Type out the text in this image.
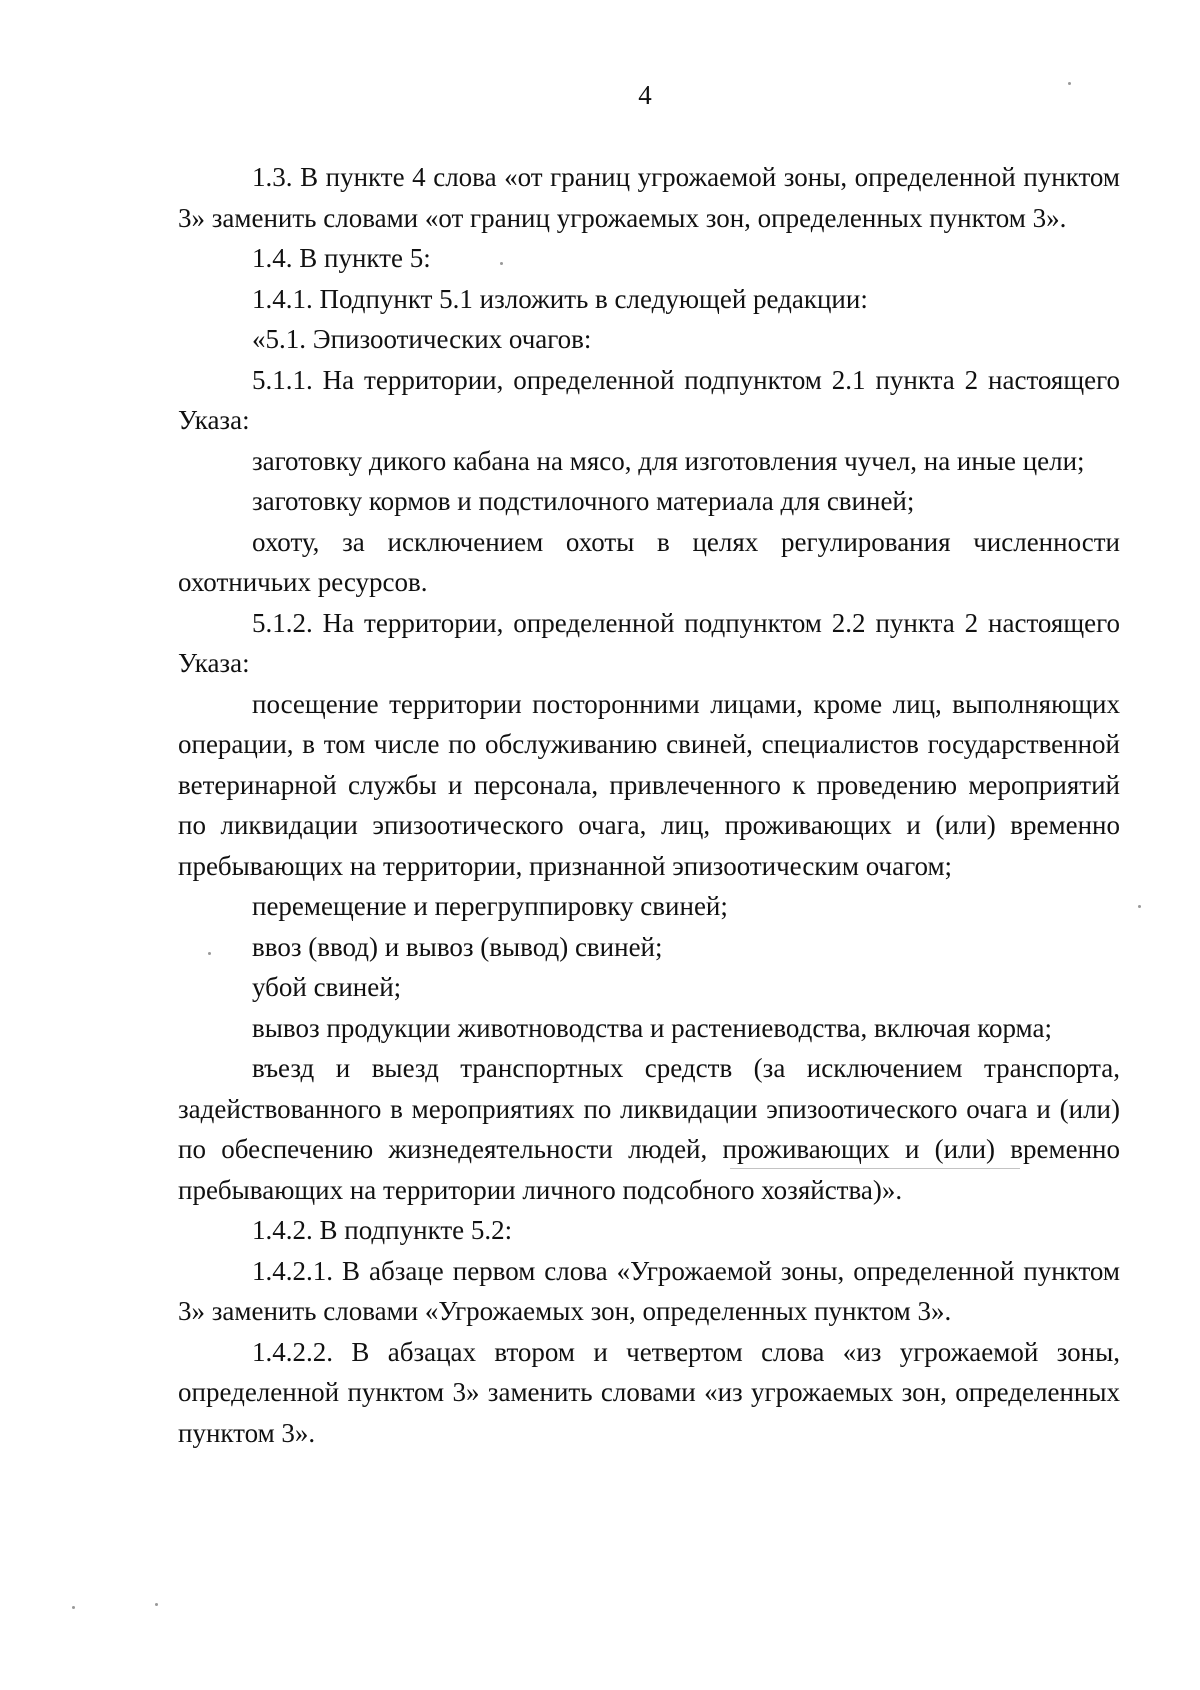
4

1.3. В пункте 4 слова «от границ угрожаемой зоны, определенной пунктом 3» заменить словами «от границ угрожаемых зон, определенных пунктом 3».

1.4. В пункте 5:

1.4.1. Подпункт 5.1 изложить в следующей редакции:

«5.1. Эпизоотических очагов:

5.1.1. На территории, определенной подпунктом 2.1 пункта 2 настоящего Указа:

заготовку дикого кабана на мясо, для изготовления чучел, на иные цели;

заготовку кормов и подстилочного материала для свиней;

охоту, за исключением охоты в целях регулирования численности охотничьих ресурсов.

5.1.2. На территории, определенной подпунктом 2.2 пункта 2 настоящего Указа:

посещение территории посторонними лицами, кроме лиц, выполняющих операции, в том числе по обслуживанию свиней, специалистов государственной ветеринарной службы и персонала, привлеченного к проведению мероприятий по ликвидации эпизоотического очага, лиц, проживающих и (или) временно пребывающих на территории, признанной эпизоотическим очагом;

перемещение и перегруппировку свиней;

ввоз (ввод) и вывоз (вывод) свиней;

убой свиней;

вывоз продукции животноводства и растениеводства, включая корма;

въезд и выезд транспортных средств (за исключением транспорта, задействованного в мероприятиях по ликвидации эпизоотического очага и (или) по обеспечению жизнедеятельности людей, проживающих и (или) временно пребывающих на территории личного подсобного хозяйства)».

1.4.2. В подпункте 5.2:

1.4.2.1. В абзаце первом слова «Угрожаемой зоны, определенной пунктом 3» заменить словами «Угрожаемых зон, определенных пунктом 3».

1.4.2.2. В абзацах втором и четвертом слова «из угрожаемой зоны, определенной пунктом 3» заменить словами «из угрожаемых зон, определенных пунктом 3».
